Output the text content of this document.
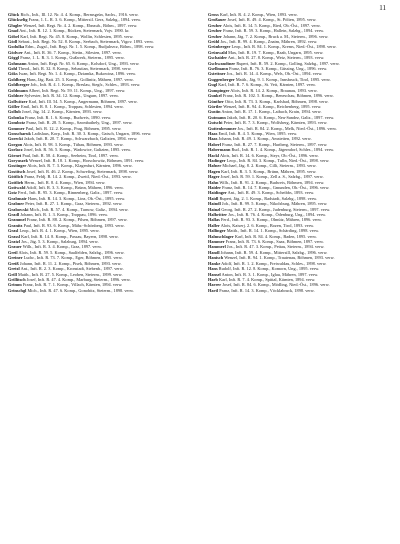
11

Glück Rich., Inft., Ill. 12. Nr. 4. 4. Komp., Bermsgrün, Sachs., 1916. verw.

Glückselig Franz, 1. L. R. 3. 6. Komp., Mittersil. Gerz, Salzbg., 1894. verw.

Glugler Wenzel, Inft. Regt. Nr. 4. 2. Komp., Ebnzuh., Böhm., 1897. verw.

Gnad Ant., Inft. R. 12. 1. Komp., Rücken, Steiermark, Vojv. 1890. kr.

Göbel Karl, Inft. Regt. Nr. 45. 8. Komp., Wollin, Schlesien, 1895. verw.

Gödl Sebast., Inft. Regt. Nr. 52. 8. Komp., Seebach, Steiermark, Vigov. 1893. verw.

Godulka Edm., Zugsf., Inft. Regt. Nr. 1. 5. Komp., Budjulezcz, Böhm., 1898. verw.

Gödwer Ant., Inft. R. 36. 7. Komp., Stettn., Silesien, 1897. verw.

Göggl Franz, 1. L. R. 3. 1. Komp., Gußwerk, Steierm., 1895. verw.

Gohmann Anton, Inft. Regt. Nr. 65. 6. Komp., Kolsdorf, Ung., 1893. verw.

Gohl Theod., Inft. R. 32. 8. Komp., Sebastian, Steiermark, 1898. verw.

Göks Iwan, Inft. Regt. Nr. 1. 4. Komp., Dziamka, Bukowina, 1896. verw.

Goldberg Hans, Jäg. Batt. 25. 3. Komp., Gollinitz, Mähren, 1897. verw.

Goldberger Joh., Inft. R. 4. 1. Komp., Breslau, Siegfr., Schles., 1893. verw.

Goldmann Albert, Inft. Regt. Nr. 59. 11. Komp., Ung., 1897. verw.

Goldner Sylvester, Inft. R. 34. 12. Komp., Ungarn, 1897. verw.

Gollwitzer Karl, Inft. Ill. 54. 5. Komp., Angermann, Böhmen, 1897. verw.

Göller Emil, Inft. R. 8. 1. Komp., Troppau, Schlesien, 1894. verw.

Gollub Josef, Jäg. 14. 2. Komp., Kärnten, 1893. verw.

Golonka Franz, Inft. R. 1. 6. Komp., Budweis, 1890. verw.

Gombotz Franz, Inft. R. 28. 5. Komp., Szombathely, Ung., 1897. verw.

Gommer Paul, Inft. R. 12. 2. Komp., Prag, Böhmen, 1895. verw.

Gonscharuk Ladislaus, Korp., Inft. R. 30. 3. Komp., Gatsch, Ungarn, 1896. verw.

Gorecki Jakob, Inft. R. 20. 7. Komp., Schwarzbach, Galizien, 1894. verw.

Gorgon Alois, Inft. R. 98. 3. Komp., Tübau, Böhmen, 1893. verw.

Gorlacz Josef, Inft. R. 56. 5. Komp., Wadowice, Galizien, 1895. verw.

Görnet Paul, Inft. R. 58. 4. Komp., Seeheim, Tirol, 1897. verw.

Goryuszek Wenzel, Inft. R. 18. 1. Komp., Horschowitz, Böhmen, 1891. verw.

Gostinger Alois, Inft. R. 7. 3. Komp., Klagenfurt, Kärnten, 1896. verw.

Gostitsch Josef, Inft. R. 46. 2. Komp., Schwefing, Steiermark, 1898. verw.

Göttlich Franz, Feldj. B. 14. 2. Komp., Zwettl, Nied.-Öst., 1893. verw.

Gottlieb Herm., Inft. R. 8. 4. Komp., Wien, 1894. verw.

Gottwald Adolf, Inft. R. 3. 3. Komp., Brünn, Mähren, 1896. verw.

Gotz Ferd., Inft. R. 95. 3. Komp., Rinnenberg, Galiz., 1897. verw.

Grabmair Hans, Inft. R. 14. 3. Komp., Linz, Ob.-Öst., 1895. verw.

Grabner Peter, Inft. R. 27. 1. Komp., Graz, Steierm., 1892. verw.

Grabowski Mich., Inft. R. 57. 4. Komp., Tarnow, Galiz., 1894. verw.

Gradl Johann, Inft. R. 1. 3. Komp., Troppau, 1896. verw.

Grammel Franz, Inft. R. 88. 2. Komp., Pilsen, Böhmen, 1897. verw.

Granitz Paul, Inft. R. 93. 6. Komp., Mähr.-Schönberg, 1893. verw.

Grasl Leop., Inft. R. 4. 1. Komp., Wien, 1895. verw.

Grassl Karl, Inft. R. 14. 8. Komp., Passau, Bayern, 1898. verw.

Gratzl Jos., Jäg. 5. 3. Komp., Salzburg, 1894. verw.

Grauer Wilh., Inft. R. 3. 4. Komp., Graz, 1897. verw.

Greil Alois, Inft. R. 59. 5. Komp., Saalfelden, Salzbg., 1896. verw.

Greiner Ludw., Inft. R. 73. 7. Komp., Eger, Böhmen, 1895. verw.

Greiß Johann, Inft. R. 11. 2. Komp., Pisek, Böhmen, 1893. verw.

Gretzl Ant., Inft. R. 2. 3. Komp., Kronstadt, Siebenb., 1897. verw.

Grill Matth., Inft. R. 27. 5. Komp., Leoben, Steierm., 1899. verw.

Grillitsch Josef, Inft. R. 47. 4. Komp., Marburg, Steierm., 1896. verw.

Grimm Franz, Inft. R. 7. 1. Komp., Villach, Kärnten, 1894. verw.

Grinschgl Mich., Inft. R. 47. 6. Komp., Gonobitz, Steierm., 1898. verw.

Gross Karl, Inft. R. 4. 2. Komp., Wien, 1893. verw.

Großauer Josef, Inft. R. 49. 4. Komp., St. Pölten, 1895. verw.

Gruber Alois, Inft. R. 14. 5. Komp., Ried, Ob.-Öst., 1897. verw.

Gruber Franz, Inft. R. 59. 3. Komp., Hallein, Salzbg., 1894. verw.

Gruber Johann, Jäg. 7. 2. Komp., Bruck a. M., Steierm., 1896. verw.

Grübl Jos., Inft. R. 99. 4. Komp., Znaim, Mähren, 1892. verw.

Grünberger Leop., Inft. R. 84. 1. Komp., Krems, Nied.-Öst., 1898. verw.

Grünwald Max, Inft. R. 19. 7. Komp., Raab, Ungarn, 1895. verw.

Gschaider Ant., Inft. R. 27. 8. Komp., Weiz, Steierm., 1893. verw.

Gschwandtner Rupert, Inft. R. 59. 2. Komp., Golling, Salzbg., 1897. verw.

Gsellmann Franz, Inft. R. 76. 3. Komp., Güssing, Ung., 1896. verw.

Gstettner Jos., Inft. R. 14. 4. Komp., Wels, Ob.-Öst., 1894. verw.

Guggenberger Matth., Jäg. 9. 1. Komp., Innsbruck, Tirol, 1895. verw.

Gugl Karl, Inft. R. 7. 6. Komp., St. Veit, Kärnten, 1897. verw.

Gumpinger Alois, Inft. R. 14. 2. Komp., Braunau, 1893. verw.

Gunkel Franz, Inft. R. 102. 5. Komp., Beneschau, Böhmen, 1896. verw.

Günther Otto, Inft. R. 73. 3. Komp., Karlsbad, Böhmen, 1898. verw.

Gürtler Wenzel, Inft. R. 94. 4. Komp., Reichenberg, 1895. verw.

Gustin Anton, Inft. R. 17. 1. Komp., Laibach, Krain, 1894. verw.

Gutmann Jakob, Inft. R. 20. 6. Komp., Neu-Sandez, Galiz., 1897. verw.

Gutschi Peter, Inft. R. 7. 3. Komp., Wolfsberg, Kärnten, 1893. verw.

Guttenbrunner Jos., Inft. R. 84. 2. Komp., Melk, Nied.-Öst., 1896. verw.

Haas Emil, Inft. R. 4. 5. Komp., Wien, 1895. verw.

Haas Johann, Inft. R. 49. 1. Komp., Amstetten, 1892. verw.

Haberl Franz, Inft. R. 27. 7. Komp., Hartberg, Steierm., 1897. verw.

Habermann Rud., Inft. R. 1. 4. Komp., Jägerndorf, Schles., 1894. verw.

Hackl Alois, Inft. R. 14. 6. Komp., Steyr, Ob.-Öst., 1896. verw.

Hadinger Leop., Inft. R. 84. 3. Komp., Tulln, Nied.-Öst., 1898. verw.

Hafner Michael, Jäg. 8. 2. Komp., Cilli, Steierm., 1893. verw.

Hagen Karl, Inft. R. 3. 5. Komp., Brünn, Mähren, 1895. verw.

Hager Josef, Inft. R. 59. 1. Komp., Zell a. S., Salzbg., 1897. verw.

Hahn Wilh., Inft. R. 91. 2. Komp., Budweis, Böhmen, 1894. verw.

Haider Franz, Inft. R. 14. 7. Komp., Gmunden, Ob.-Öst., 1896. verw.

Haidinger Ant., Inft. R. 49. 3. Komp., Scheibbs, 1893. verw.

Haidl Rupert, Jäg. 2. 1. Komp., Radstadt, Salzbg., 1898. verw.

Haindl Joh., Inft. R. 99. 5. Komp., Nikolsburg, Mähren, 1895. verw.

Hainzl Georg, Inft. R. 27. 2. Komp., Judenburg, Steierm., 1897. verw.

Halbritter Jos., Inft. R. 76. 4. Komp., Ödenburg, Ung., 1894. verw.

Hallas Ferd., Inft. R. 93. 3. Komp., Olmütz, Mähren, 1896. verw.

Haller Alois, Kaiserj. 2. 6. Komp., Bozen, Tirol, 1893. verw.

Hallinger Matth., Inft. R. 14. 1. Komp., Schärding, 1898. verw.

Halmschlager Karl, Inft. R. 84. 4. Komp., Baden, 1895. verw.

Hammer Franz, Inft. R. 73. 6. Komp., Saaz, Böhmen, 1897. verw.

Hammerl Jos., Inft. R. 47. 3. Komp., Pettau, Steierm., 1894. verw.

Handl Johann, Inft. R. 59. 4. Komp., Mittersill, Salzbg., 1896. verw.

Hanisch Wenzel, Inft. R. 94. 1. Komp., Trautenau, Böhmen, 1893. verw.

Hanke Adolf, Inft. R. 1. 2. Komp., Freiwaldau, Schles., 1898. verw.

Hans Rudolf, Inft. R. 12. 8. Komp., Komorn, Ung., 1895. verw.

Hansel Anton, Inft. R. 3. 1. Komp., Iglau, Mähren, 1897. verw.

Harb Karl, Inft. R. 7. 4. Komp., Spittal, Kärnten, 1894. verw.

Harrer Josef, Inft. R. 84. 6. Komp., Mödling, Nied.-Öst., 1896. verw.

Hartl Franz, Inft. R. 14. 3. Komp., Vöcklabruck, 1898. verw.
